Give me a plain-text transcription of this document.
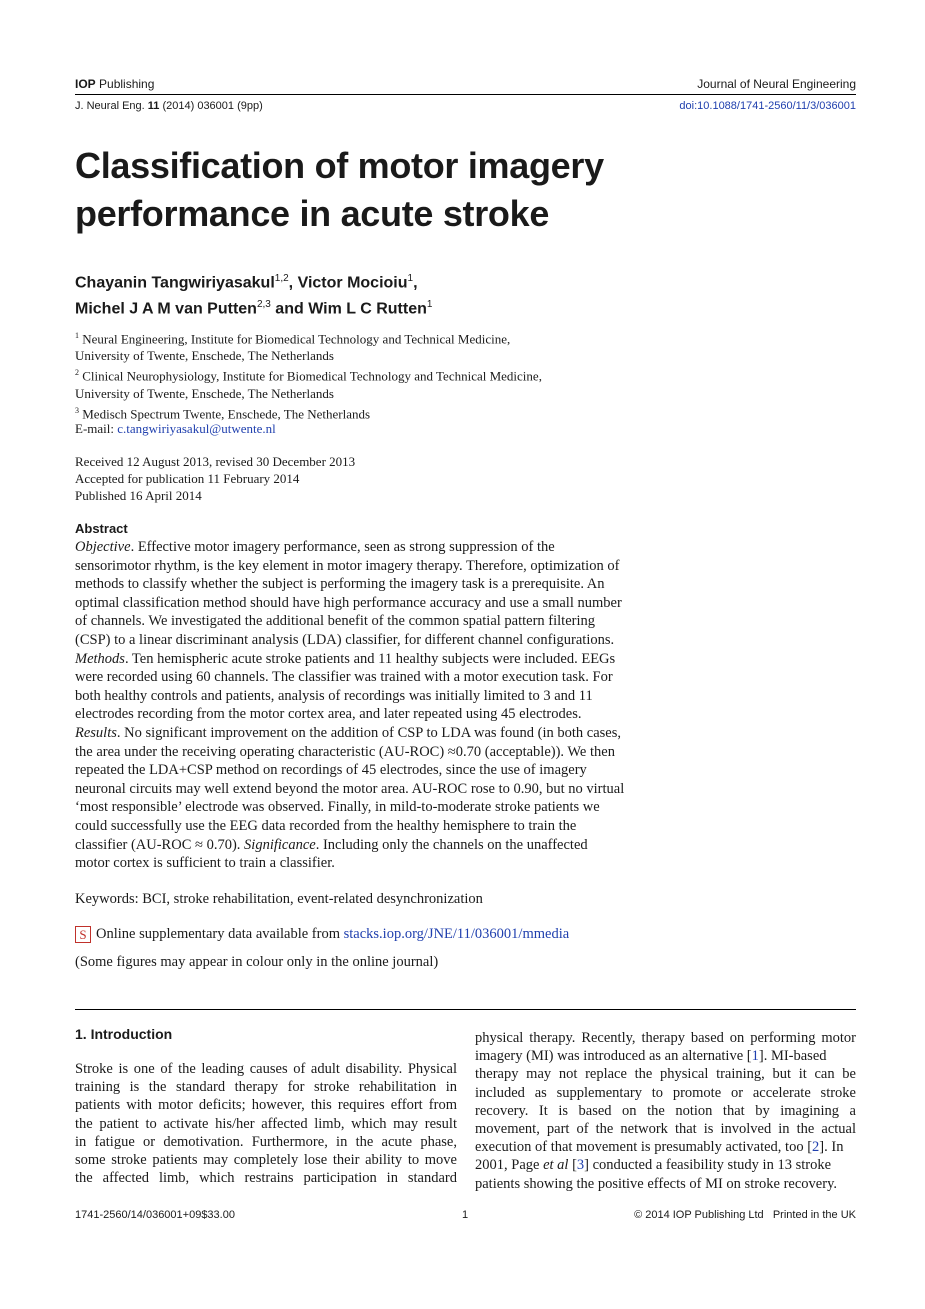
IOP Publishing	Journal of Neural Engineering
J. Neural Eng. 11 (2014) 036001 (9pp)	doi:10.1088/1741-2560/11/3/036001
Classification of motor imagery
performance in acute stroke
Chayanin Tangwiriyasakul$^{1,2}$, Victor Mocioiu$^1$,
Michel J A M van Putten$^{2,3}$ and Wim L C Rutten$^1$
$^1$ Neural Engineering, Institute for Biomedical Technology and Technical Medicine,
University of Twente, Enschede, The Netherlands
$^2$ Clinical Neurophysiology, Institute for Biomedical Technology and Technical Medicine,
University of Twente, Enschede, The Netherlands
$^3$ Medisch Spectrum Twente, Enschede, The Netherlands
E-mail: c.tangwiriyasakul@utwente.nl
Received 12 August 2013, revised 30 December 2013
Accepted for publication 11 February 2014
Published 16 April 2014
Abstract
Objective. Effective motor imagery performance, seen as strong suppression of the
sensorimotor rhythm, is the key element in motor imagery therapy. Therefore, optimization of
methods to classify whether the subject is performing the imagery task is a prerequisite. An
optimal classification method should have high performance accuracy and use a small number
of channels. We investigated the additional benefit of the common spatial pattern filtering
(CSP) to a linear discriminant analysis (LDA) classifier, for different channel configurations.
Methods. Ten hemispheric acute stroke patients and 11 healthy subjects were included. EEGs
were recorded using 60 channels. The classifier was trained with a motor execution task. For
both healthy controls and patients, analysis of recordings was initially limited to 3 and 11
electrodes recording from the motor cortex area, and later repeated using 45 electrodes.
Results. No significant improvement on the addition of CSP to LDA was found (in both cases,
the area under the receiving operating characteristic (AU-ROC) ≈0.70 (acceptable)). We then
repeated the LDA+CSP method on recordings of 45 electrodes, since the use of imagery
neuronal circuits may well extend beyond the motor area. AU-ROC rose to 0.90, but no virtual
‘most responsible’ electrode was observed. Finally, in mild-to-moderate stroke patients we
could successfully use the EEG data recorded from the healthy hemisphere to train the
classifier (AU-ROC ≈ 0.70). Significance. Including only the channels on the unaffected
motor cortex is sufficient to train a classifier.
Keywords: BCI, stroke rehabilitation, event-related desynchronization
S Online supplementary data available from stacks.iop.org/JNE/11/036001/mmedia
(Some figures may appear in colour only in the online journal)
1. Introduction
Stroke is one of the leading causes of adult disability. Physical
training is the standard therapy for stroke rehabilitation in
patients with motor deficits; however, this requires effort from
the patient to activate his/her affected limb, which may result
in fatigue or demotivation. Furthermore, in the acute phase,
some stroke patients may completely lose their ability to move
the affected limb, which restrains participation in standard
physical therapy. Recently, therapy based on performing motor
imagery (MI) was introduced as an alternative [1]. MI-based
therapy may not replace the physical training, but it can be
included as supplementary to promote or accelerate stroke
recovery. It is based on the notion that by imagining a
movement, part of the network that is involved in the actual
execution of that movement is presumably activated, too [2]. In
2001, Page et al [3] conducted a feasibility study in 13 stroke
patients showing the positive effects of MI on stroke recovery.
1741-2560/14/036001+09$33.00	1	© 2014 IOP Publishing Ltd   Printed in the UK
